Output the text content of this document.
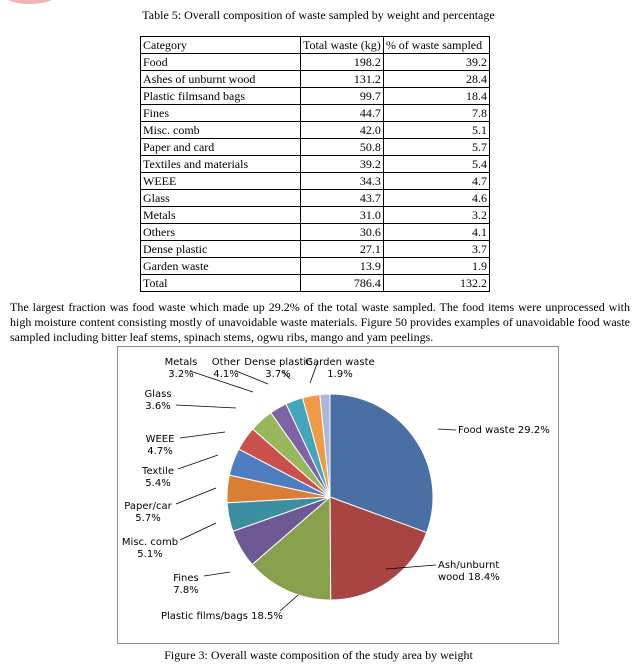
Table 5: Overall composition of waste sampled by weight and percentage
Category	Total waste (kg)	% of waste sampled
Food	198.2	39.2
Ashes of unburnt wood	131.2	28.4
Plastic filmsand bags	99.7	18.4
Fines	44.7	7.8
Misc. comb	42.0	5.1
Paper and card	50.8	5.7
Textiles and materials	39.2	5.4
WEEE	34.3	4.7
Glass	43.7	4.6
Metals	31.0	3.2
Others	30.6	4.1
Dense plastic	27.1	3.7
Garden waste	13.9	1.9
Total	786.4	132.2
The largest fraction was food waste which made up 29.2% of the total waste sampled. The food items were unprocessed with high moisture content consisting mostly of unavoidable waste materials. Figure 50 provides examples of unavoidable food waste sampled including bitter leaf stems, spinach stems, ogwu ribs, mango and yam peelings.
Food waste 29.2%
Ash/unburnt wood 18.4%
Plastic films/bags 18.5%
Fines 7.8%
Misc. comb 5.1%
Paper/car 5.7%
Textile 5.4%
WEEE 4.7%
Glass 3.6%
Metals 3.2%
Other 4.1%
Dense plastic 3.7%
Garden waste 1.9%
Figure 3: Overall waste composition of the study area by weight
